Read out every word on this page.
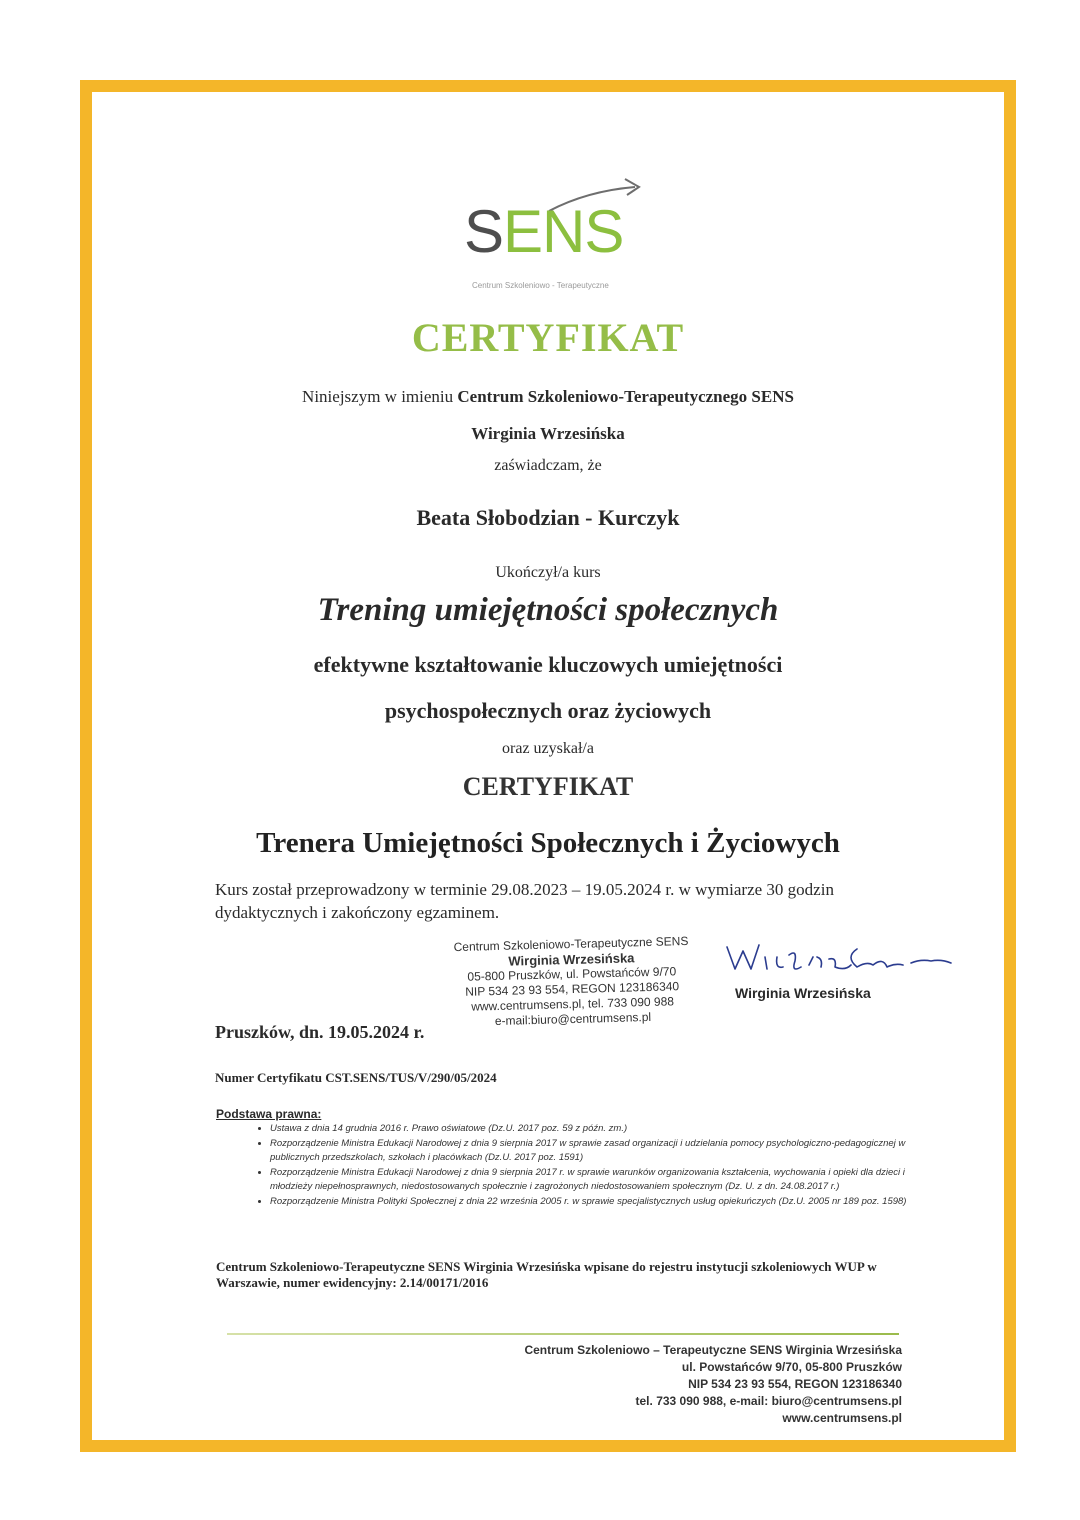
SENS
Centrum Szkoleniowo - Terapeutyczne
CERTYFIKAT
Niniejszym w imieniu Centrum Szkoleniowo-Terapeutycznego SENS
Wirginia Wrzesińska
zaświadczam, że
Beata Słobodzian - Kurczyk
Ukończył/a kurs
Trening umiejętności społecznych
efektywne kształtowanie kluczowych umiejętności
psychospołecznych oraz życiowych
oraz uzyskał/a
CERTYFIKAT
Trenera Umiejętności Społecznych i Życiowych
Kurs został przeprowadzony w terminie 29.08.2023 – 19.05.2024 r. w wymiarze 30 godzin dydaktycznych i zakończony egzaminem.
Centrum Szkoleniowo-Terapeutyczne SENS
Wirginia Wrzesińska
05-800 Pruszków, ul. Powstańców 9/70
NIP 534 23 93 554, REGON 123186340
www.centrumsens.pl, tel. 733 090 988
e-mail:biuro@centrumsens.pl
Wirginia Wrzesińska
Pruszków, dn. 19.05.2024 r.
Numer Certyfikatu CST.SENS/TUS/V/290/05/2024
Podstawa prawna:
• Ustawa z dnia 14 grudnia 2016 r. Prawo oświatowe (Dz.U. 2017 poz. 59 z późn. zm.)
• Rozporządzenie Ministra Edukacji Narodowej z dnia 9 sierpnia 2017 w sprawie zasad organizacji i udzielania pomocy psychologiczno-pedagogicznej w publicznych przedszkolach, szkołach i placówkach (Dz.U. 2017 poz. 1591)
• Rozporządzenie Ministra Edukacji Narodowej z dnia 9 sierpnia 2017 r. w sprawie warunków organizowania kształcenia, wychowania i opieki dla dzieci i młodzieży niepełnosprawnych, niedostosowanych społecznie i zagrożonych niedostosowaniem społecznym (Dz. U. z dn. 24.08.2017 r.)
• Rozporządzenie Ministra Polityki Społecznej z dnia 22 września 2005 r. w sprawie specjalistycznych usług opiekuńczych (Dz.U. 2005 nr 189 poz. 1598)
Centrum Szkoleniowo-Terapeutyczne SENS Wirginia Wrzesińska wpisane do rejestru instytucji szkoleniowych WUP w Warszawie, numer ewidencyjny: 2.14/00171/2016
Centrum Szkoleniowo – Terapeutyczne SENS Wirginia Wrzesińska
ul. Powstańców 9/70, 05-800 Pruszków
NIP 534 23 93 554, REGON 123186340
tel. 733 090 988, e-mail: biuro@centrumsens.pl
www.centrumsens.pl
